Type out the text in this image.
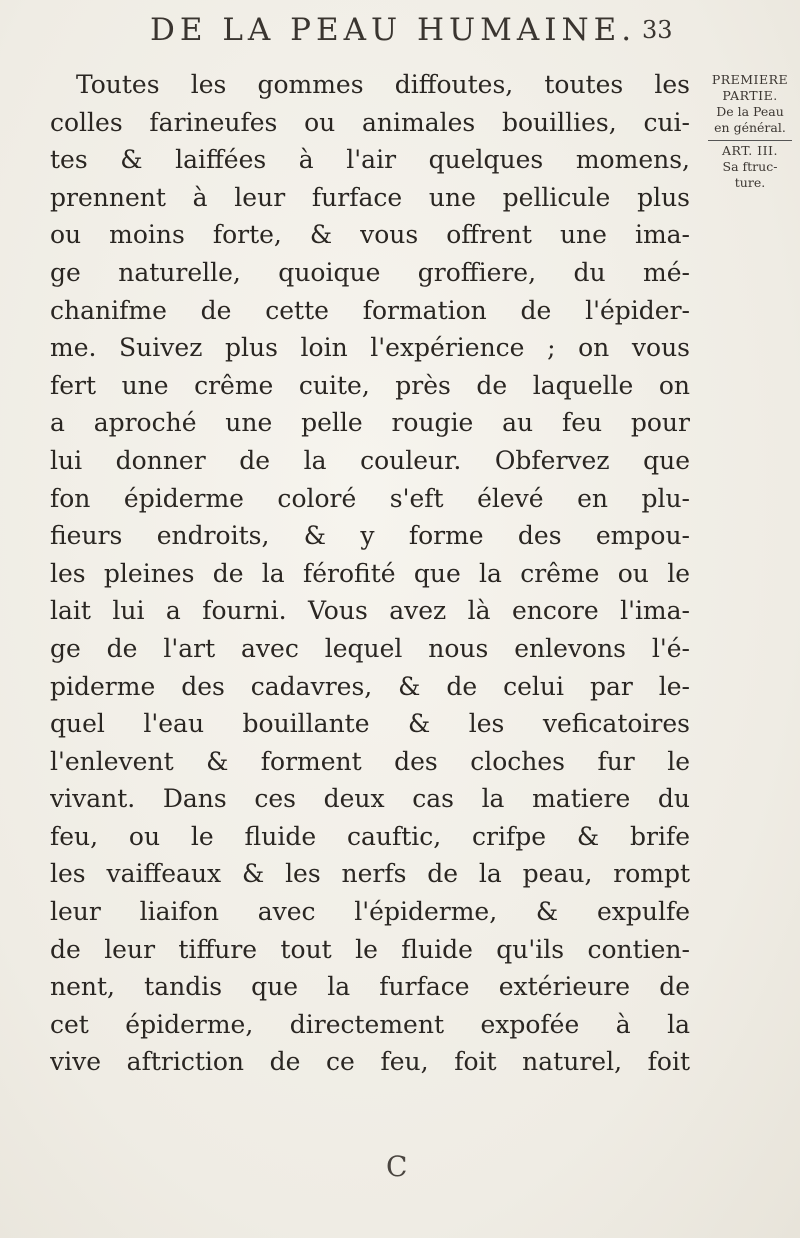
DE LA PEAU HUMAINE. 33
PREMIERE
PARTIE.
De la Peau
en général.
ART. III.
Sa ftruc-
ture.
Toutes les gommes diffoutes, toutes les
colles farineufes ou animales bouillies, cui-
tes & laiffées à l'air quelques momens,
prennent à leur furface une pellicule plus
ou moins forte, & vous offrent une ima-
ge naturelle, quoique groffiere, du mé-
chanifme de cette formation de l'épider-
me. Suivez plus loin l'expérience ; on vous
fert une crême cuite, près de laquelle on
a aproché une pelle rougie au feu pour
lui donner de la couleur. Obfervez que
fon épiderme coloré s'eft élevé en plu-
fieurs endroits, & y forme des empou-
les pleines de la férofité que la crême ou le
lait lui a fourni. Vous avez là encore l'ima-
ge de l'art avec lequel nous enlevons l'é-
piderme des cadavres, & de celui par le-
quel l'eau bouillante & les veficatoires
l'enlevent & forment des cloches fur le
vivant. Dans ces deux cas la matiere du
feu, ou le fluide cauftic, crifpe & brife
les vaiffeaux & les nerfs de la peau, rompt
leur liaifon avec l'épiderme, & expulfe
de leur tiffure tout le fluide qu'ils contien-
nent, tandis que la furface extérieure de
cet épiderme, directement expofée à la
vive aftriction de ce feu, foit naturel, foit
C
